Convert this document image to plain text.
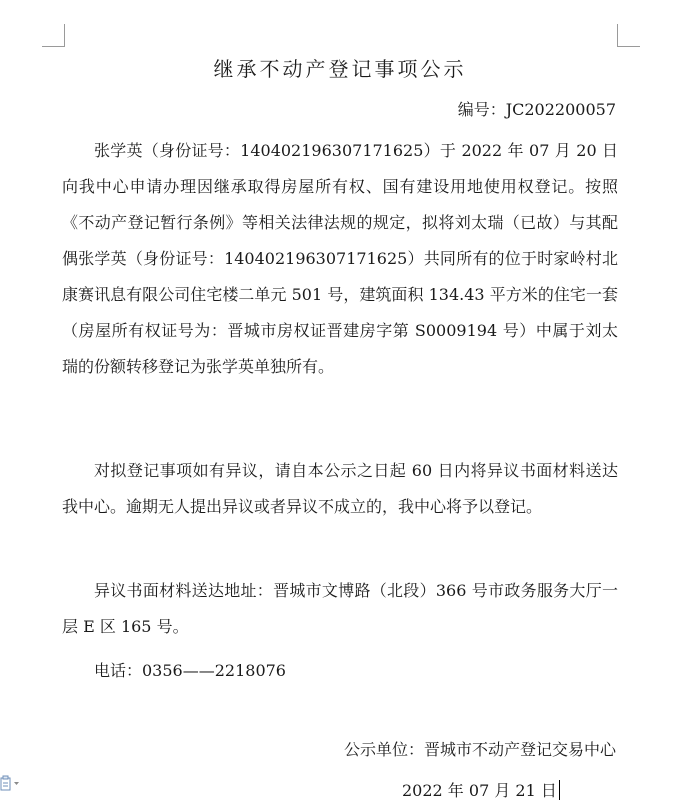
继承不动产登记事项公示
编号：JC202200057

张学英（身份证号：140402196307171625）于 2022 年 07 月 20 日向我中心申请办理因继承取得房屋所有权、国有建设用地使用权登记。按照《不动产登记暂行条例》等相关法律法规的规定，拟将刘太瑞（已故）与其配偶张学英（身份证号：140402196307171625）共同所有的位于时家岭村北康赛讯息有限公司住宅楼二单元 501 号，建筑面积 134.43 平方米的住宅一套（房屋所有权证号为：晋城市房权证晋建房字第 S0009194 号）中属于刘太瑞的份额转移登记为张学英单独所有。

对拟登记事项如有异议，请自本公示之日起 60 日内将异议书面材料送达我中心。逾期无人提出异议或者异议不成立的，我中心将予以登记。

异议书面材料送达地址：晋城市文博路（北段）366 号市政务服务大厅一层 E 区 165 号。

电话：0356——2218076

公示单位：晋城市不动产登记交易中心
2022 年 07 月 21 日
